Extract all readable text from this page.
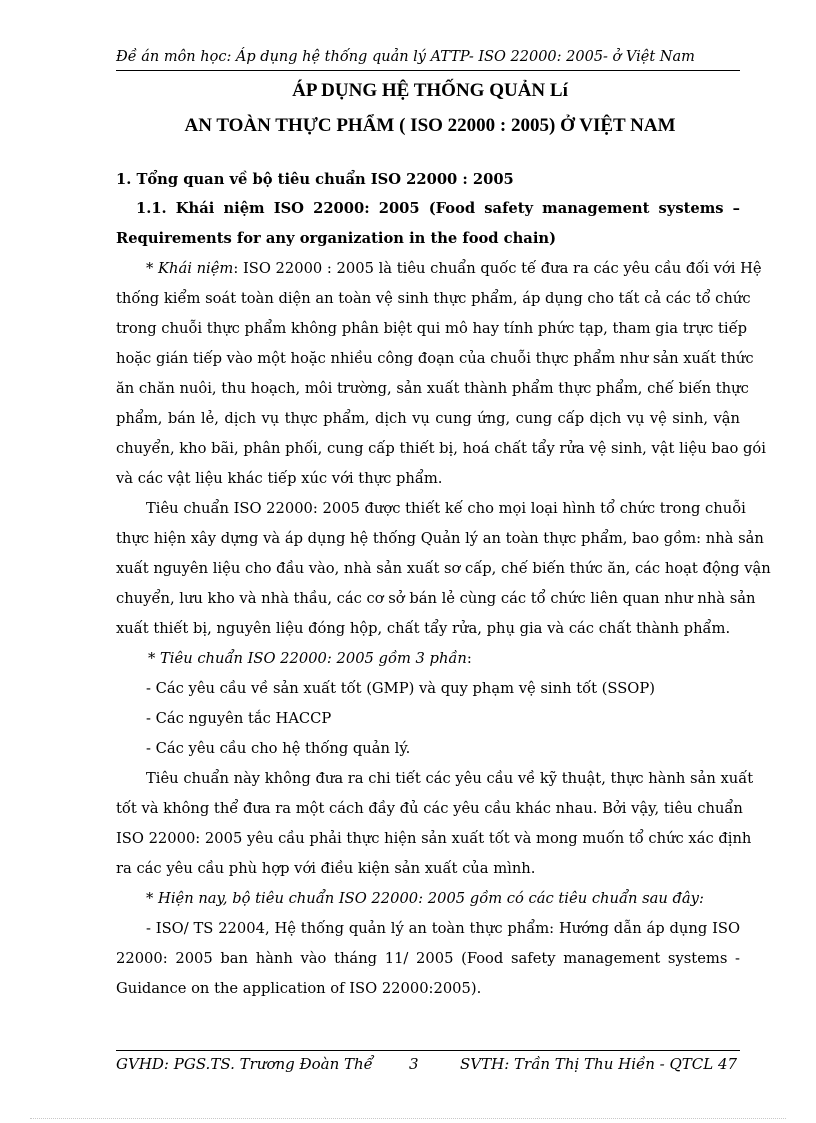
Đề án môn học: Áp dụng hệ thống quản lý ATTP- ISO 22000: 2005- ở Việt Nam
ÁP DỤNG HỆ THỐNG QUẢN Lí
AN TOÀN THỰC PHẨM ( ISO 22000 : 2005) Ở VIỆT NAM
1. Tổng quan về bộ tiêu chuẩn ISO 22000 : 2005
1.1. Khái niệm ISO 22000: 2005 (Food safety management systems –
Requirements for any organization in the food chain)
* Khái niệm: ISO 22000 : 2005 là tiêu chuẩn quốc tế đưa ra các yêu cầu đối với Hệ
thống kiểm soát toàn diện an toàn vệ sinh thực phẩm, áp dụng cho tất cả các tổ chức
trong chuỗi thực phẩm không phân biệt qui mô hay tính phức tạp, tham gia trực tiếp
hoặc gián tiếp vào một hoặc nhiều công đoạn của chuỗi thực phẩm như sản xuất thức
ăn chăn nuôi, thu hoạch, môi trường, sản xuất thành phẩm thực phẩm, chế biến thực
phẩm, bán lẻ, dịch vụ thực phẩm, dịch vụ cung ứng, cung cấp dịch vụ vệ sinh, vận
chuyển, kho bãi, phân phối, cung cấp thiết bị, hoá chất tẩy rửa vệ sinh, vật liệu bao gói
và các vật liệu khác tiếp xúc với thực phẩm.
Tiêu chuẩn ISO 22000: 2005 được thiết kế cho mọi loại hình tổ chức trong chuỗi
thực hiện xây dựng và áp dụng hệ thống Quản lý an toàn thực phẩm, bao gồm: nhà sản
xuất nguyên liệu cho đầu vào, nhà sản xuất sơ cấp, chế biến thức ăn, các hoạt động vận
chuyển, lưu kho và nhà thầu, các cơ sở bán lẻ cùng các tổ chức liên quan như nhà sản
xuất thiết bị, nguyên liệu đóng hộp, chất tẩy rửa, phụ gia và các chất thành phẩm.
* Tiêu chuẩn ISO 22000: 2005 gồm 3 phần:
- Các yêu cầu về sản xuất tốt (GMP) và quy phạm vệ sinh tốt (SSOP)
- Các nguyên tắc HACCP
- Các yêu cầu cho hệ thống quản lý.
Tiêu chuẩn này không đưa ra chi tiết các yêu cầu về kỹ thuật, thực hành sản xuất
tốt và không thể đưa ra một cách đầy đủ các yêu cầu khác nhau. Bởi vậy, tiêu chuẩn
ISO 22000: 2005 yêu cầu phải thực hiện sản xuất tốt và mong muốn tổ chức xác định
ra các yêu cầu phù hợp với điều kiện sản xuất của mình.
* Hiện nay, bộ tiêu chuẩn ISO 22000: 2005 gồm có các tiêu chuẩn sau đây:
- ISO/ TS 22004, Hệ thống quản lý an toàn thực phẩm: Hướng dẫn áp dụng ISO
22000: 2005 ban hành vào tháng 11/ 2005 (Food safety management systems -
Guidance on the application of ISO 22000:2005).
GVHD: PGS.TS. Trương Đoàn Thể 3	SVTH: Trần Thị Thu Hiền - QTCL 47
